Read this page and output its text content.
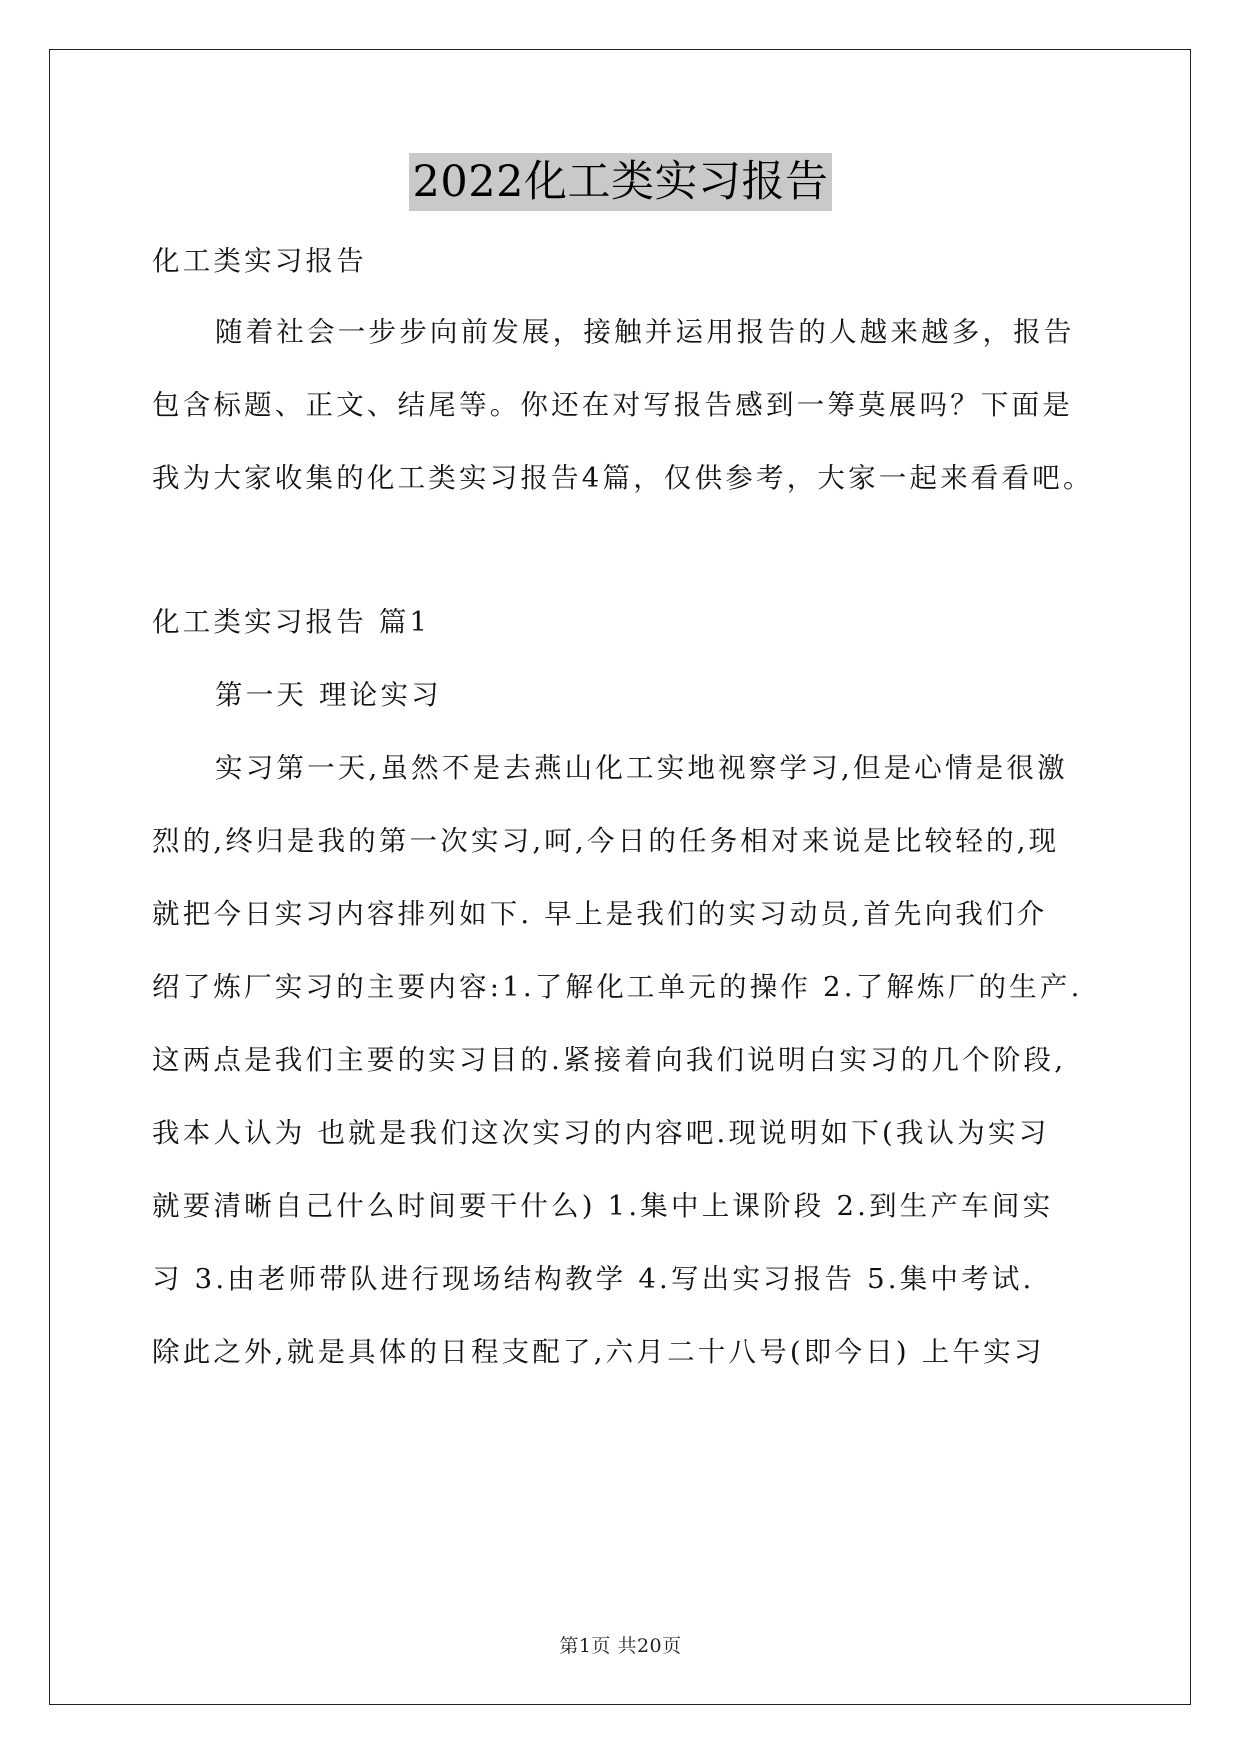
2022化工类实习报告
化工类实习报告
随着社会一步步向前发展，接触并运用报告的人越来越多，报告
包含标题、正文、结尾等。你还在对写报告感到一筹莫展吗？下面是
我为大家收集的化工类实习报告4篇，仅供参考，大家一起来看看吧。
化工类实习报告 篇1
第一天 理论实习
实习第一天,虽然不是去燕山化工实地视察学习,但是心情是很激
烈的,终归是我的第一次实习,呵,今日的任务相对来说是比较轻的,现
就把今日实习内容排列如下. 早上是我们的实习动员,首先向我们介
绍了炼厂实习的主要内容:1.了解化工单元的操作 2.了解炼厂的生产.
这两点是我们主要的实习目的.紧接着向我们说明白实习的几个阶段,
我本人认为 也就是我们这次实习的内容吧.现说明如下(我认为实习
就要清晰自己什么时间要干什么) 1.集中上课阶段 2.到生产车间实
习 3.由老师带队进行现场结构教学 4.写出实习报告 5.集中考试.
除此之外,就是具体的日程支配了,六月二十八号(即今日) 上午实习
第1页 共20页
